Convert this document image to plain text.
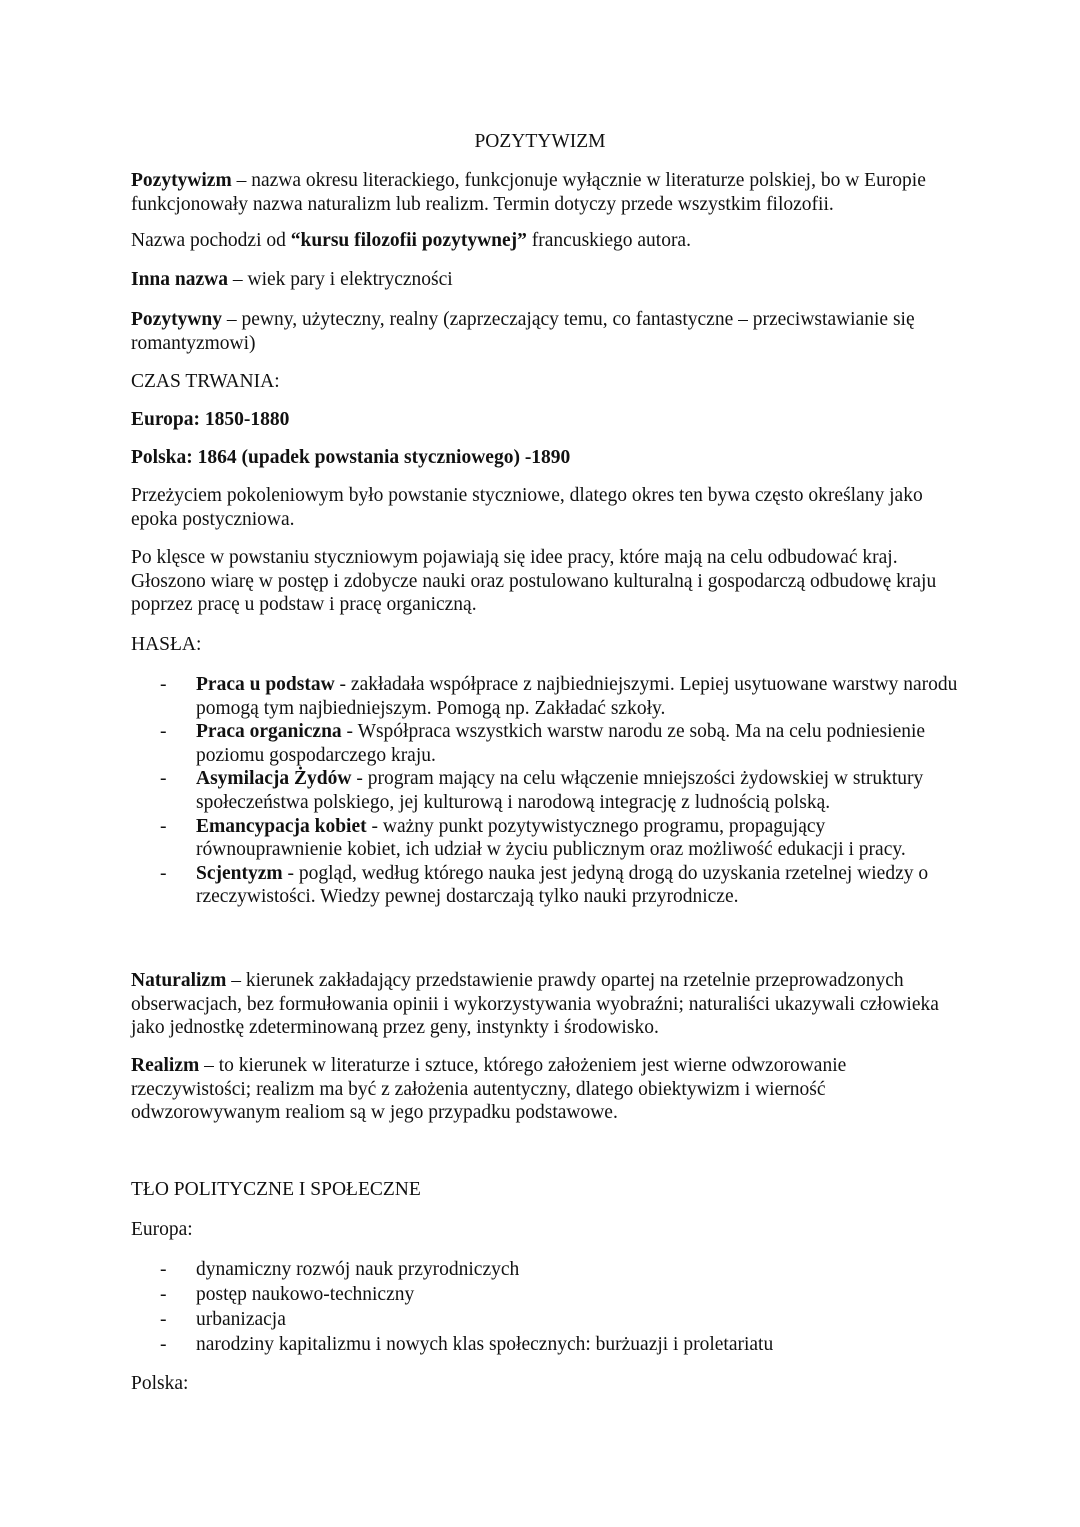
POZYTYWIZM

Pozytywizm – nazwa okresu literackiego, funkcjonuje wyłącznie w literaturze polskiej, bo w Europie funkcjonowały nazwa naturalizm lub realizm. Termin dotyczy przede wszystkim filozofii.

Nazwa pochodzi od “kursu filozofii pozytywnej” francuskiego autora.

Inna nazwa – wiek pary i elektryczności

Pozytywny – pewny, użyteczny, realny (zaprzeczający temu, co fantastyczne – przeciwstawianie się romantyzmowi)

CZAS TRWANIA:

Europa: 1850-1880

Polska: 1864 (upadek powstania styczniowego) -1890

Przeżyciem pokoleniowym było powstanie styczniowe, dlatego okres ten bywa często określany jako epoka postyczniowa.

Po klęsce w powstaniu styczniowym pojawiają się idee pracy, które mają na celu odbudować kraj. Głoszono wiarę w postęp i zdobycze nauki oraz postulowano kulturalną i gospodarczą odbudowę kraju poprzez pracę u podstaw i pracę organiczną.

HASŁA:

- Praca u podstaw - zakładała współprace z najbiedniejszymi. Lepiej usytuowane warstwy narodu pomogą tym najbiedniejszym. Pomogą np. Zakładać szkoły.
- Praca organiczna - Współpraca wszystkich warstw narodu ze sobą. Ma na celu podniesienie poziomu gospodarczego kraju.
- Asymilacja Żydów - program mający na celu włączenie mniejszości żydowskiej w struktury społeczeństwa polskiego, jej kulturową i narodową integrację z ludnością polską.
- Emancypacja kobiet - ważny punkt pozytywistycznego programu, propagujący równouprawnienie kobiet, ich udział w życiu publicznym oraz możliwość edukacji i pracy.
- Scjentyzm - pogląd, według którego nauka jest jedyną drogą do uzyskania rzetelnej wiedzy o rzeczywistości. Wiedzy pewnej dostarczają tylko nauki przyrodnicze.

Naturalizm – kierunek zakładający przedstawienie prawdy opartej na rzetelnie przeprowadzonych obserwacjach, bez formułowania opinii i wykorzystywania wyobraźni; naturaliści ukazywali człowieka jako jednostkę zdeterminowaną przez geny, instynkty i środowisko.

Realizm – to kierunek w literaturze i sztuce, którego założeniem jest wierne odwzorowanie rzeczywistości; realizm ma być z założenia autentyczny, dlatego obiektywizm i wierność odwzorowywanym realiom są w jego przypadku podstawowe.

TŁO POLITYCZNE I SPOŁECZNE

Europa:

- dynamiczny rozwój nauk przyrodniczych
- postęp naukowo-techniczny
- urbanizacja
- narodziny kapitalizmu i nowych klas społecznych: burżuazji i proletariatu

Polska:
